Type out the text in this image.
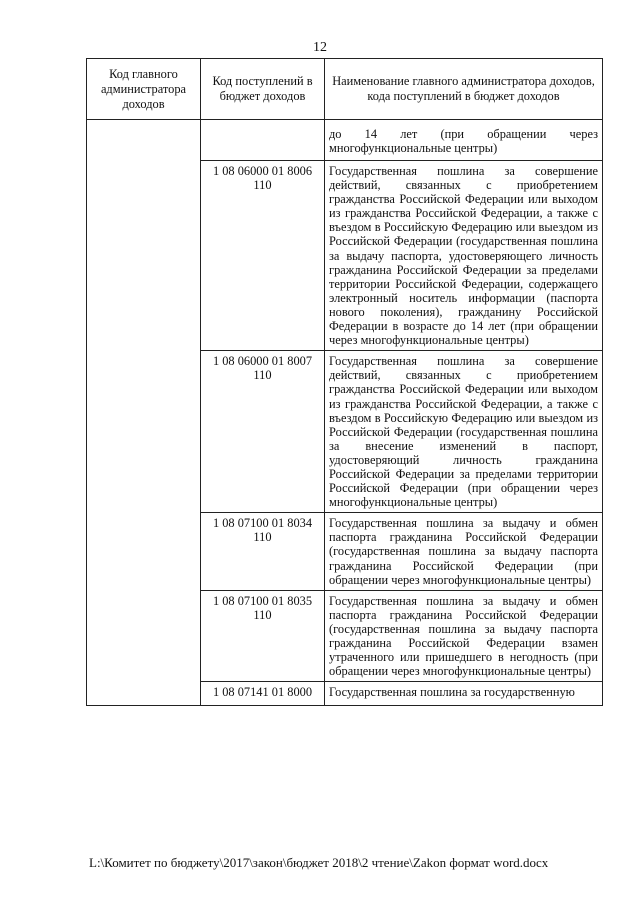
12
Код главного администратора доходов	Код поступлений в бюджет доходов	Наименование главного администратора доходов, кода поступлений в бюджет доходов
		до 14 лет (при обращении через многофункциональные центры)
	1 08 06000 01 8006 110	Государственная пошлина за совершение действий, связанных с приобретением гражданства Российской Федерации или выходом из гражданства Российской Федерации, а также с въездом в Российскую Федерацию или выездом из Российской Федерации (государственная пошлина за выдачу паспорта, удостоверяющего личность гражданина Российской Федерации за пределами территории Российской Федерации, содержащего электронный носитель информации (паспорта нового поколения), гражданину Российской Федерации в возрасте до 14 лет (при обращении через многофункциональные центры)
	1 08 06000 01 8007 110	Государственная пошлина за совершение действий, связанных с приобретением гражданства Российской Федерации или выходом из гражданства Российской Федерации, а также с въездом в Российскую Федерацию или выездом из Российской Федерации (государственная пошлина за внесение изменений в паспорт, удостоверяющий личность гражданина Российской Федерации за пределами территории Российской Федерации (при обращении через многофункциональные центры)
	1 08 07100 01 8034 110	Государственная пошлина за выдачу и обмен паспорта гражданина Российской Федерации (государственная пошлина за выдачу паспорта гражданина Российской Федерации (при обращении через многофункциональные центры)
	1 08 07100 01 8035 110	Государственная пошлина за выдачу и обмен паспорта гражданина Российской Федерации (государственная пошлина за выдачу паспорта гражданина Российской Федерации взамен утраченного или пришедшего в негодность (при обращении через многофункциональные центры)
	1 08 07141 01 8000	Государственная пошлина за государственную
L:\Комитет по бюджету\2017\закон\бюджет 2018\2 чтение\Zakon формат word.docx
